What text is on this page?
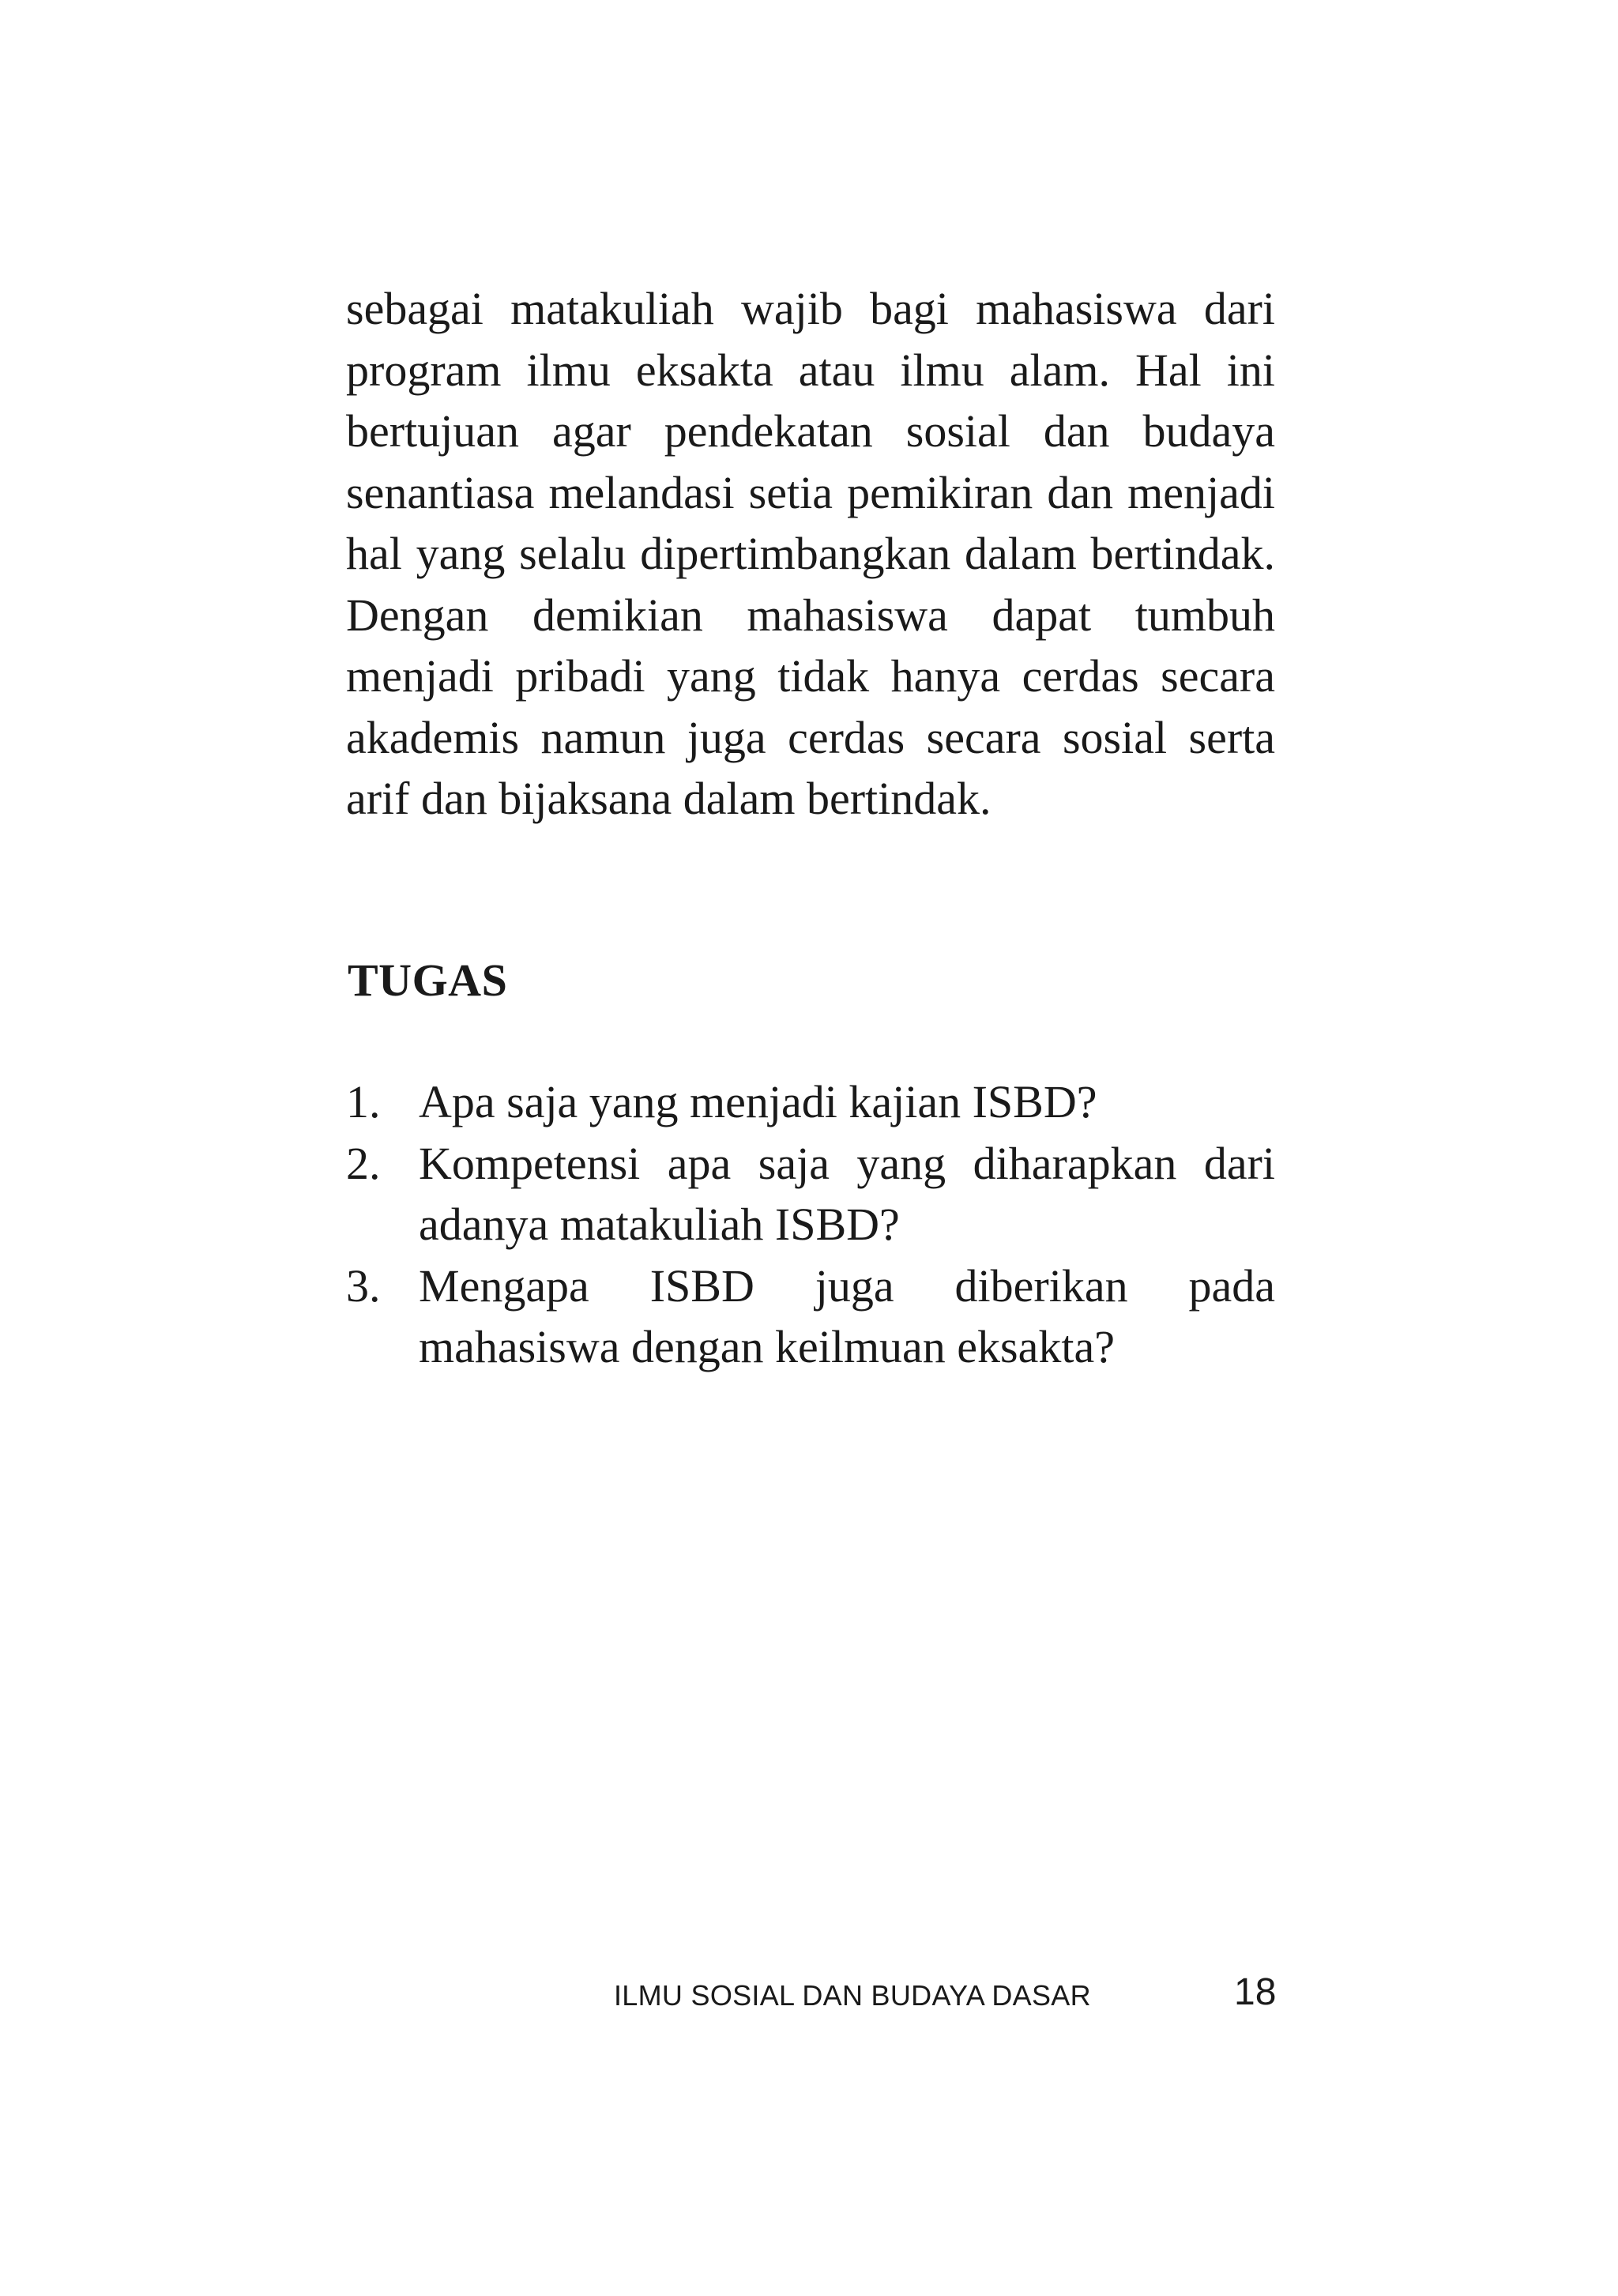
sebagai matakuliah wajib bagi mahasiswa dari program ilmu eksakta atau ilmu alam. Hal ini bertujuan agar pendekatan sosial dan budaya senantiasa melandasi setia pemikiran dan menjadi hal yang selalu dipertimbangkan dalam bertindak. Dengan demikian mahasiswa dapat tumbuh menjadi pribadi yang tidak hanya cerdas secara akademis namun juga cerdas secara sosial serta arif dan bijaksana dalam bertindak.

TUGAS
1. Apa saja yang menjadi kajian ISBD?
2. Kompetensi apa saja yang diharapkan dari adanya matakuliah ISBD?
3. Mengapa ISBD juga diberikan pada mahasiswa dengan keilmuan eksakta?
ILMU SOSIAL DAN BUDAYA DASAR	18
